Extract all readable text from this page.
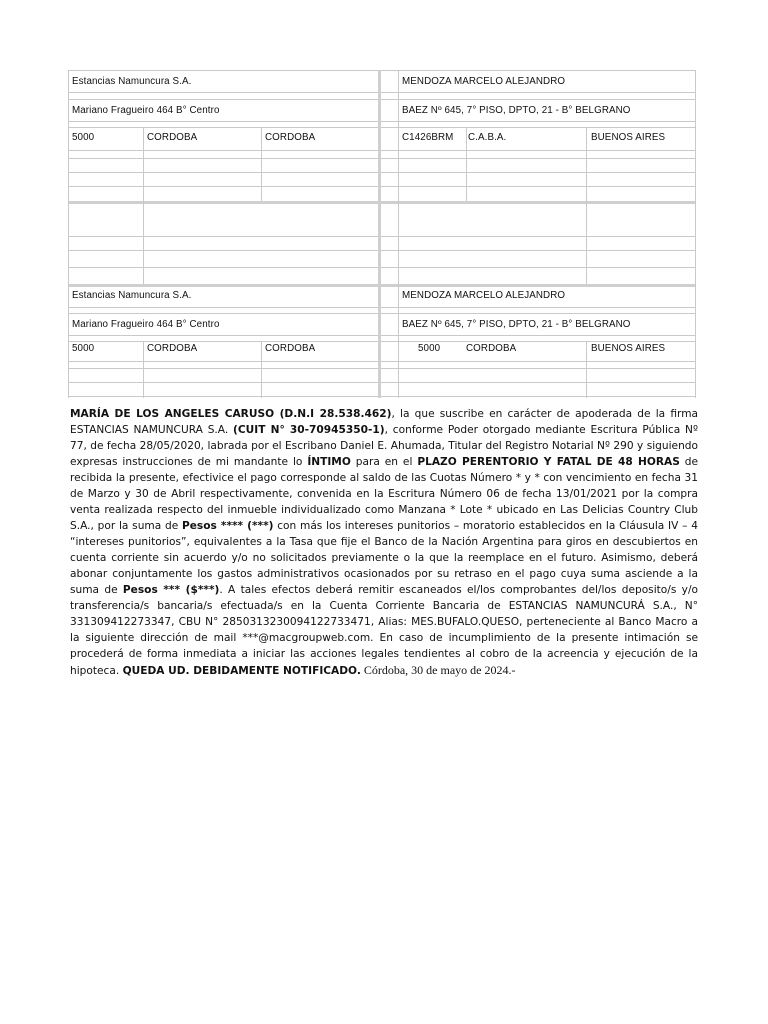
Estancias Namuncura S.A.	MENDOZA MARCELO ALEJANDRO
Mariano Fragueiro 464 B° Centro	BAEZ Nº 645, 7° PISO, DPTO, 21 - B° BELGRANO
5000	CORDOBA	CORDOBA	C1426BRM C.A.B.A.	BUENOS AIRES
Estancias Namuncura S.A.	MENDOZA MARCELO ALEJANDRO
Mariano Fragueiro 464 B° Centro	BAEZ Nº 645, 7° PISO, DPTO, 21 - B° BELGRANO
5000	CORDOBA	CORDOBA	5000	CORDOBA	BUENOS AIRES
MARÍA DE LOS ANGELES CARUSO (D.N.I 28.538.462), la que suscribe en carácter de apoderada de la firma ESTANCIAS NAMUNCURA S.A. (CUIT N° 30-70945350-1), conforme Poder otorgado mediante Escritura Pública Nº 77, de fecha 28/05/2020, labrada por el Escribano Daniel E. Ahumada, Titular del Registro Notarial Nº 290 y siguiendo expresas instrucciones de mi mandante lo ÍNTIMO para en el PLAZO PERENTORIO Y FATAL DE 48 HORAS de recibida la presente, efectivice el pago corresponde al saldo de las Cuotas Número * y * con vencimiento en fecha 31 de Marzo y 30 de Abril respectivamente, convenida en la Escritura Número 06 de fecha 13/01/2021 por la compra venta realizada respecto del inmueble individualizado como Manzana * Lote * ubicado en Las Delicias Country Club S.A., por la suma de Pesos **** (***) con más los intereses punitorios – moratorio establecidos en la Cláusula IV – 4 “intereses punitorios”, equivalentes a la Tasa que fije el Banco de la Nación Argentina para giros en descubiertos en cuenta corriente sin acuerdo y/o no solicitados previamente o la que la reemplace en el futuro. Asimismo, deberá abonar conjuntamente los gastos administrativos ocasionados por su retraso en el pago cuya suma asciende a la suma de Pesos *** ($***). A tales efectos deberá remitir escaneados el/los comprobantes del/los deposito/s y/o transferencia/s bancaria/s efectuada/s en la Cuenta Corriente Bancaria de ESTANCIAS NAMUNCURÁ S.A., N° 331309412273347, CBU N° 2850313230094122733471, Alias: MES.BUFALO.QUESO, perteneciente al Banco Macro a la siguiente dirección de mail ***@macgroupweb.com. En caso de incumplimiento de la presente intimación se procederá de forma inmediata a iniciar las acciones legales tendientes al cobro de la acreencia y ejecución de la hipoteca. QUEDA UD. DEBIDAMENTE NOTIFICADO. Córdoba, 30 de mayo de 2024.-
